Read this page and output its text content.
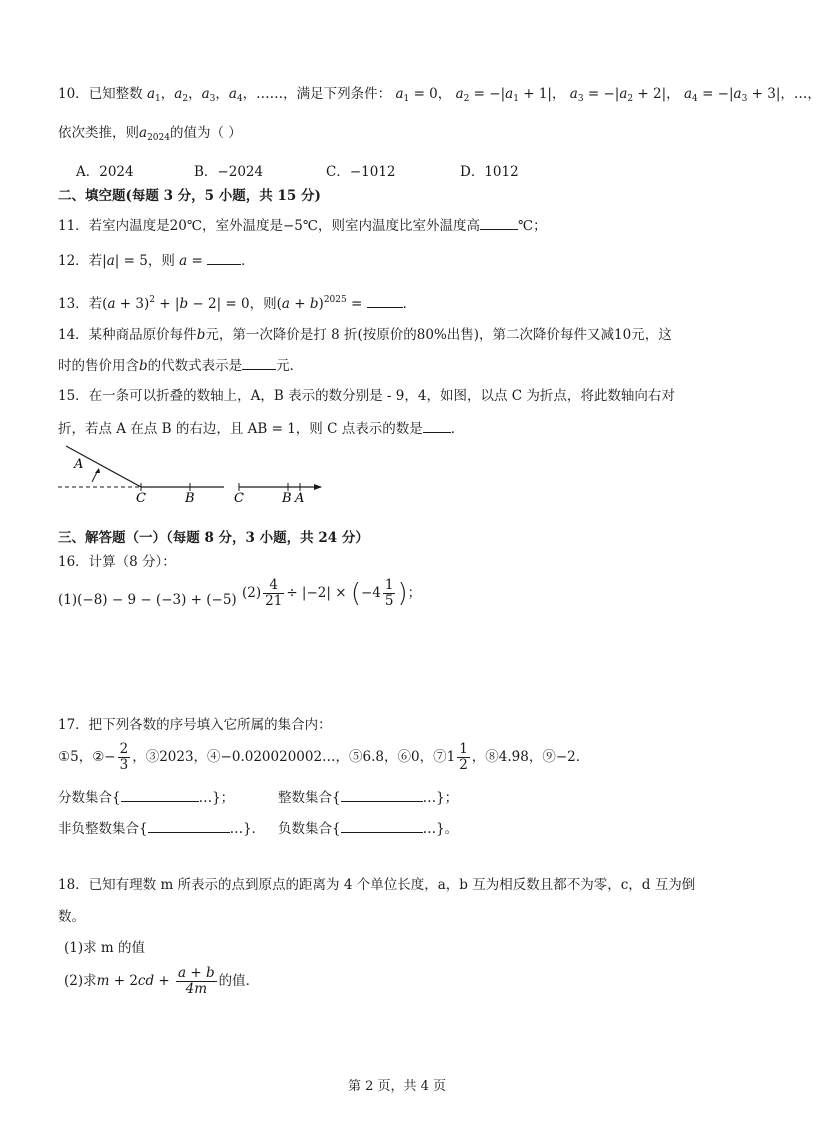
10．已知整数 $a_1$，$a_2$，$a_3$，$a_4$，……，满足下列条件： $a_1 = 0$， $a_2 = -|a_1 + 1|$， $a_3 = -|a_2 + 2|$， $a_4 = -|a_3 + 3|$，…，
依次类推，则$a_{2024}$的值为（ ）
A．2024	B．−2024	C．−1012	D．1012
二、填空题(每题 3 分，5 小题，共 15 分)
11．若室内温度是20℃，室外温度是−5℃，则室内温度比室外温度高	℃；
12．若|a| = 5，则 a =	．
13．若$(a + 3)^2 + |b - 2| = 0$，则$(a + b)^{2025}$ =	．
14．某种商品原价每件b元，第一次降价是打 8 折(按原价的80%出售)，第二次降价每件又减10元，这
时的售价用含b的代数式表示是	元．
15．在一条可以折叠的数轴上，A，B 表示的数分别是 - 9，4，如图，以点 C 为折点，将此数轴向右对
折，若点 A 在点 B 的右边，且 AB = 1，则 C 点表示的数是 ．
A
C	B	C	B A
三、解答题（一）（每题 8 分，3 小题，共 24 分）
16．计算（8 分）：
(1)(−8) − 9 − (−3) + (−5) $(2) \frac{4}{21} \div |-2| \times (-4 \frac{1}{5}$ )；
17．把下列各数的序号填入它所属的集合内：
①5，②− $\frac{2}{3}$ ，③2023，④−0.020020002…，⑤6.8，⑥0，⑦1 $\frac{1}{2}$ ，⑧4.98，⑨−2．
分数集合{	…}；	整数集合{	…}；
非负整数集合{	…}． 负数集合{	…}。
18．已知有理数 m 所表示的点到原点的距离为 4 个单位长度，a，b 互为相反数且都不为零，c，d 互为倒
数。
(1)求 m 的值
(2)求$m + 2cd + \frac{a + b}{4m}$ 的值．
第 2 页，共 4 页
